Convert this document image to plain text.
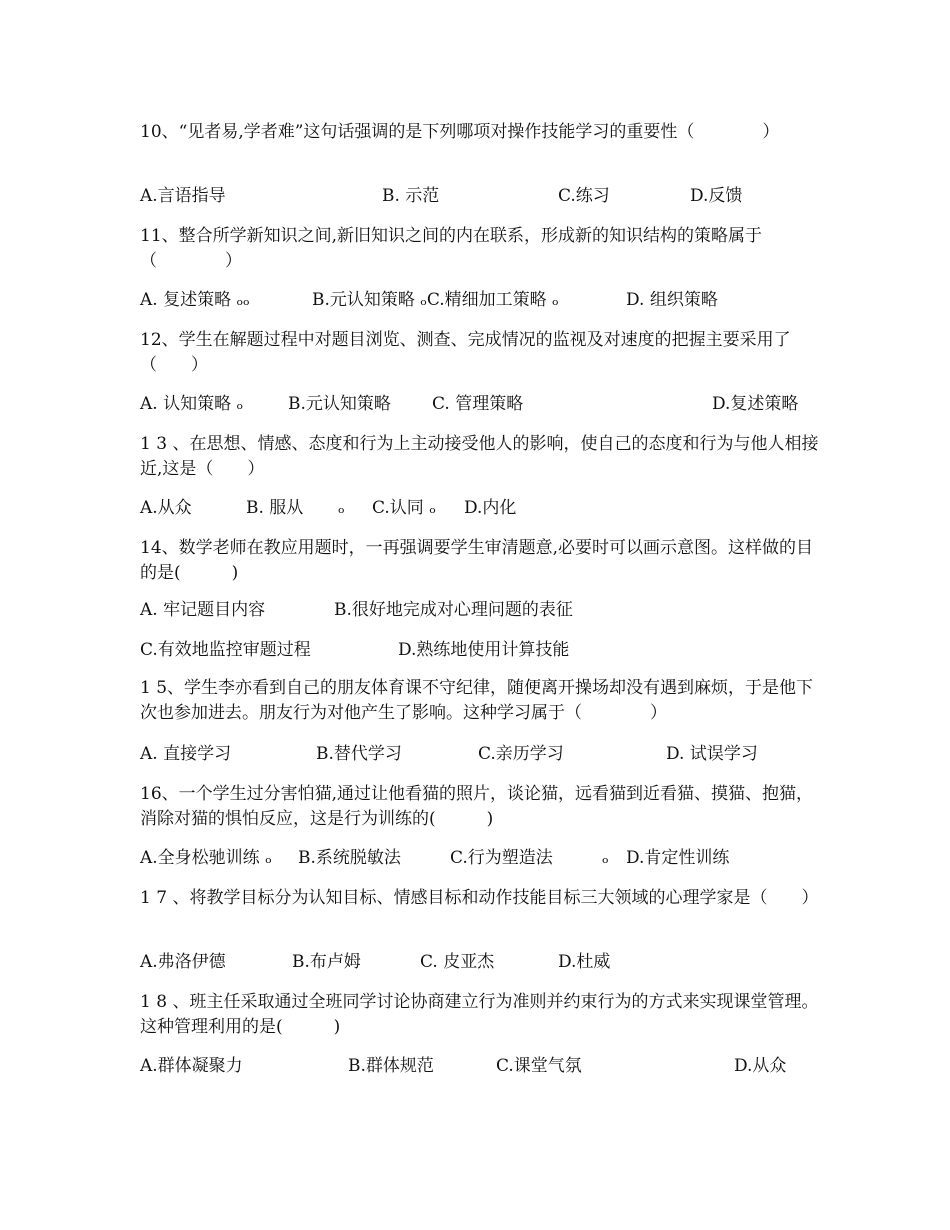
10、“见者易,学者难”这句话强调的是下列哪项对操作技能学习的重要性（　　　　）
A.言语指导	B. 示范	C.练习	D.反馈
11、整合所学新知识之间,新旧知识之间的内在联系，形成新的知识结构的策略属于（　　　　）
A. 复述策略 ₒₒ	B.元认知策略 ₒC.精细加工策略 ₒ	D. 组织策略
12、学生在解题过程中对题目浏览、测查、完成情况的监视及对速度的把握主要采用了（　　）
A. 认知策略 ₒ	B.元认知策略 C. 管理策略	D.复述策略
1 3 、在思想、情感、态度和行为上主动接受他人的影响，使自己的态度和行为与他人相接近,这是（　　）
A.从众	B. 服从 ₒ C.认同 ₒ D.内化
14、数学老师在教应用题时，一再强调要学生审清题意,必要时可以画示意图。这样做的目的是(　　　)
A. 牢记题目内容	B.很好地完成对心理问题的表征
C.有效地监控审题过程	D.熟练地使用计算技能
1 5、学生李亦看到自己的朋友体育课不守纪律，随便离开操场却没有遇到麻烦，于是他下次也参加进去。朋友行为对他产生了影响。这种学习属于（　　　　）
A. 直接学习	B.替代学习	C.亲历学习	D. 试误学习
16、一个学生过分害怕猫,通过让他看猫的照片，谈论猫，远看猫到近看猫、摸猫、抱猫，消除对猫的惧怕反应，这是行为训练的(　　　)
A.全身松驰训练 ₒ B.系统脱敏法	C.行为塑造法	ₒ D.肯定性训练
1 7 、将教学目标分为认知目标、情感目标和动作技能目标三大领域的心理学家是（　　）
A.弗洛伊德	B.布卢姆	C. 皮亚杰	D.杜威
1 8 、班主任采取通过全班同学讨论协商建立行为准则并约束行为的方式来实现课堂管理。这种管理利用的是(　　　)
A.群体凝聚力	B.群体规范	C.课堂气氛	D.从众
